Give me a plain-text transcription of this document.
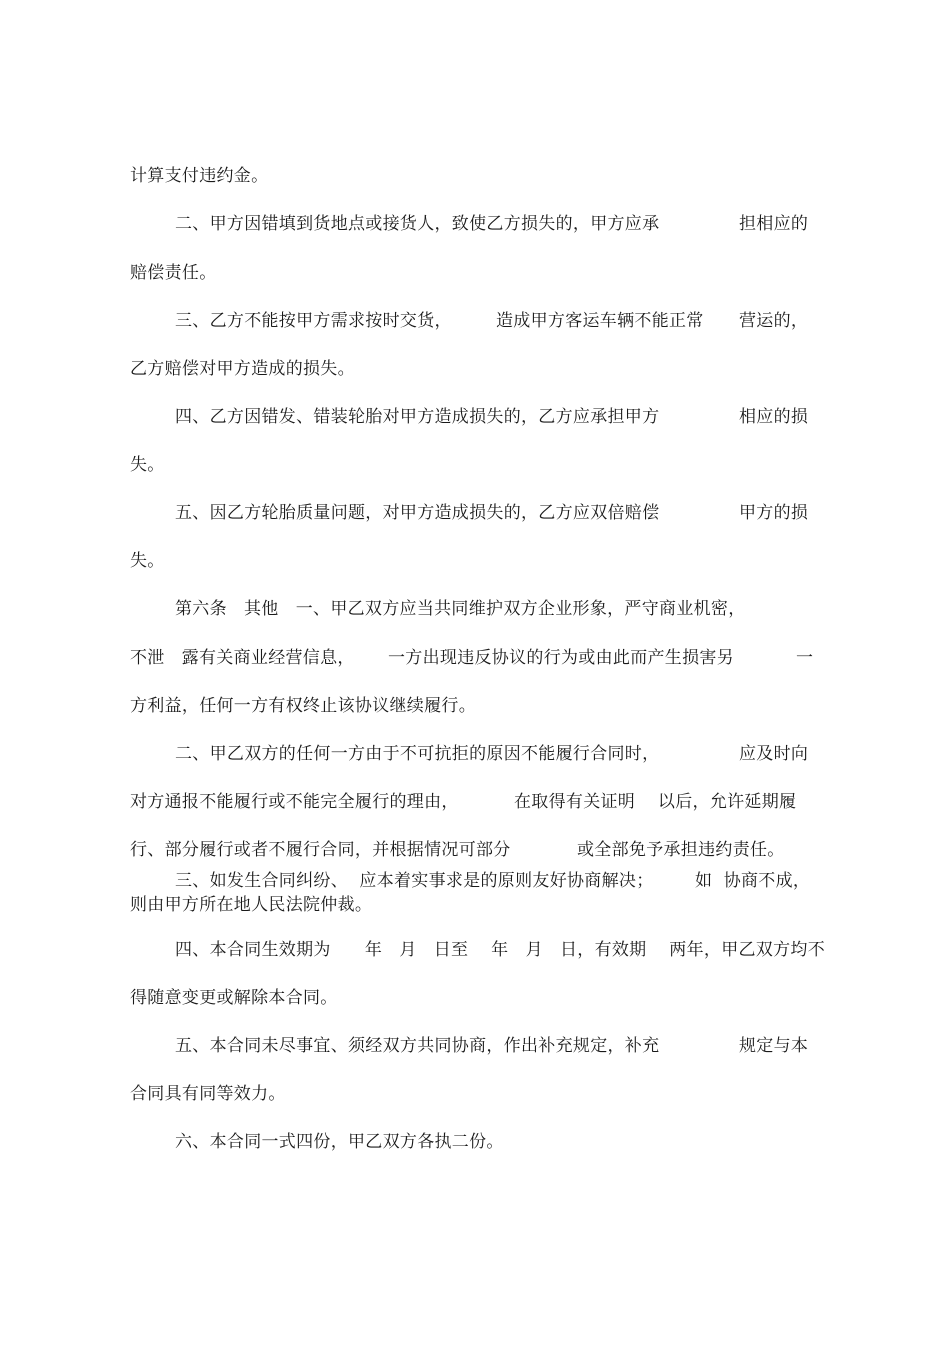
计算支付违约金。

二、甲方因错填到货地点或接货人，致使乙方损失的，甲方应承

	担相应的

赔偿责任。

三、乙方不能按甲方需求按时交货，

	造成甲方客运车辆不能正常

营运的，

乙方赔偿对甲方造成的损失。

四、乙方因错发、错装轮胎对甲方造成损失的，乙方应承担甲方

	相应的损

失。

五、因乙方轮胎质量问题，对甲方造成损失的，乙方应双倍赔偿

	甲方的损

失。

第六条   其他   一、甲乙双方应当共同维护双方企业形象，严守商业机密，

不泄   露有关商业经营信息，

一方出现违反协议的行为或由此而产生损害另

	一

方利益，任何一方有权终止该协议继续履行。

二、甲乙双方的任何一方由于不可抗拒的原因不能履行合同时，

	应及时向

对方通报不能履行或不能完全履行的理由，

	在取得有关证明    以后，允许延期履

行、部分履行或者不履行合同，并根据情况可部分

	或全部免予承担违约责任。

三、如发生合同纠纷、  应本着实事求是的原则友好协商解决；

如  协商不成，

则由甲方所在地人民法院仲裁。

四、本合同生效期为      年   月   日至    年   月   日，有效期    两年，甲乙双方均不

得随意变更或解除本合同。

五、本合同未尽事宜、须经双方共同协商，作出补充规定，补充

	规定与本

合同具有同等效力。

六、本合同一式四份，甲乙双方各执二份。
